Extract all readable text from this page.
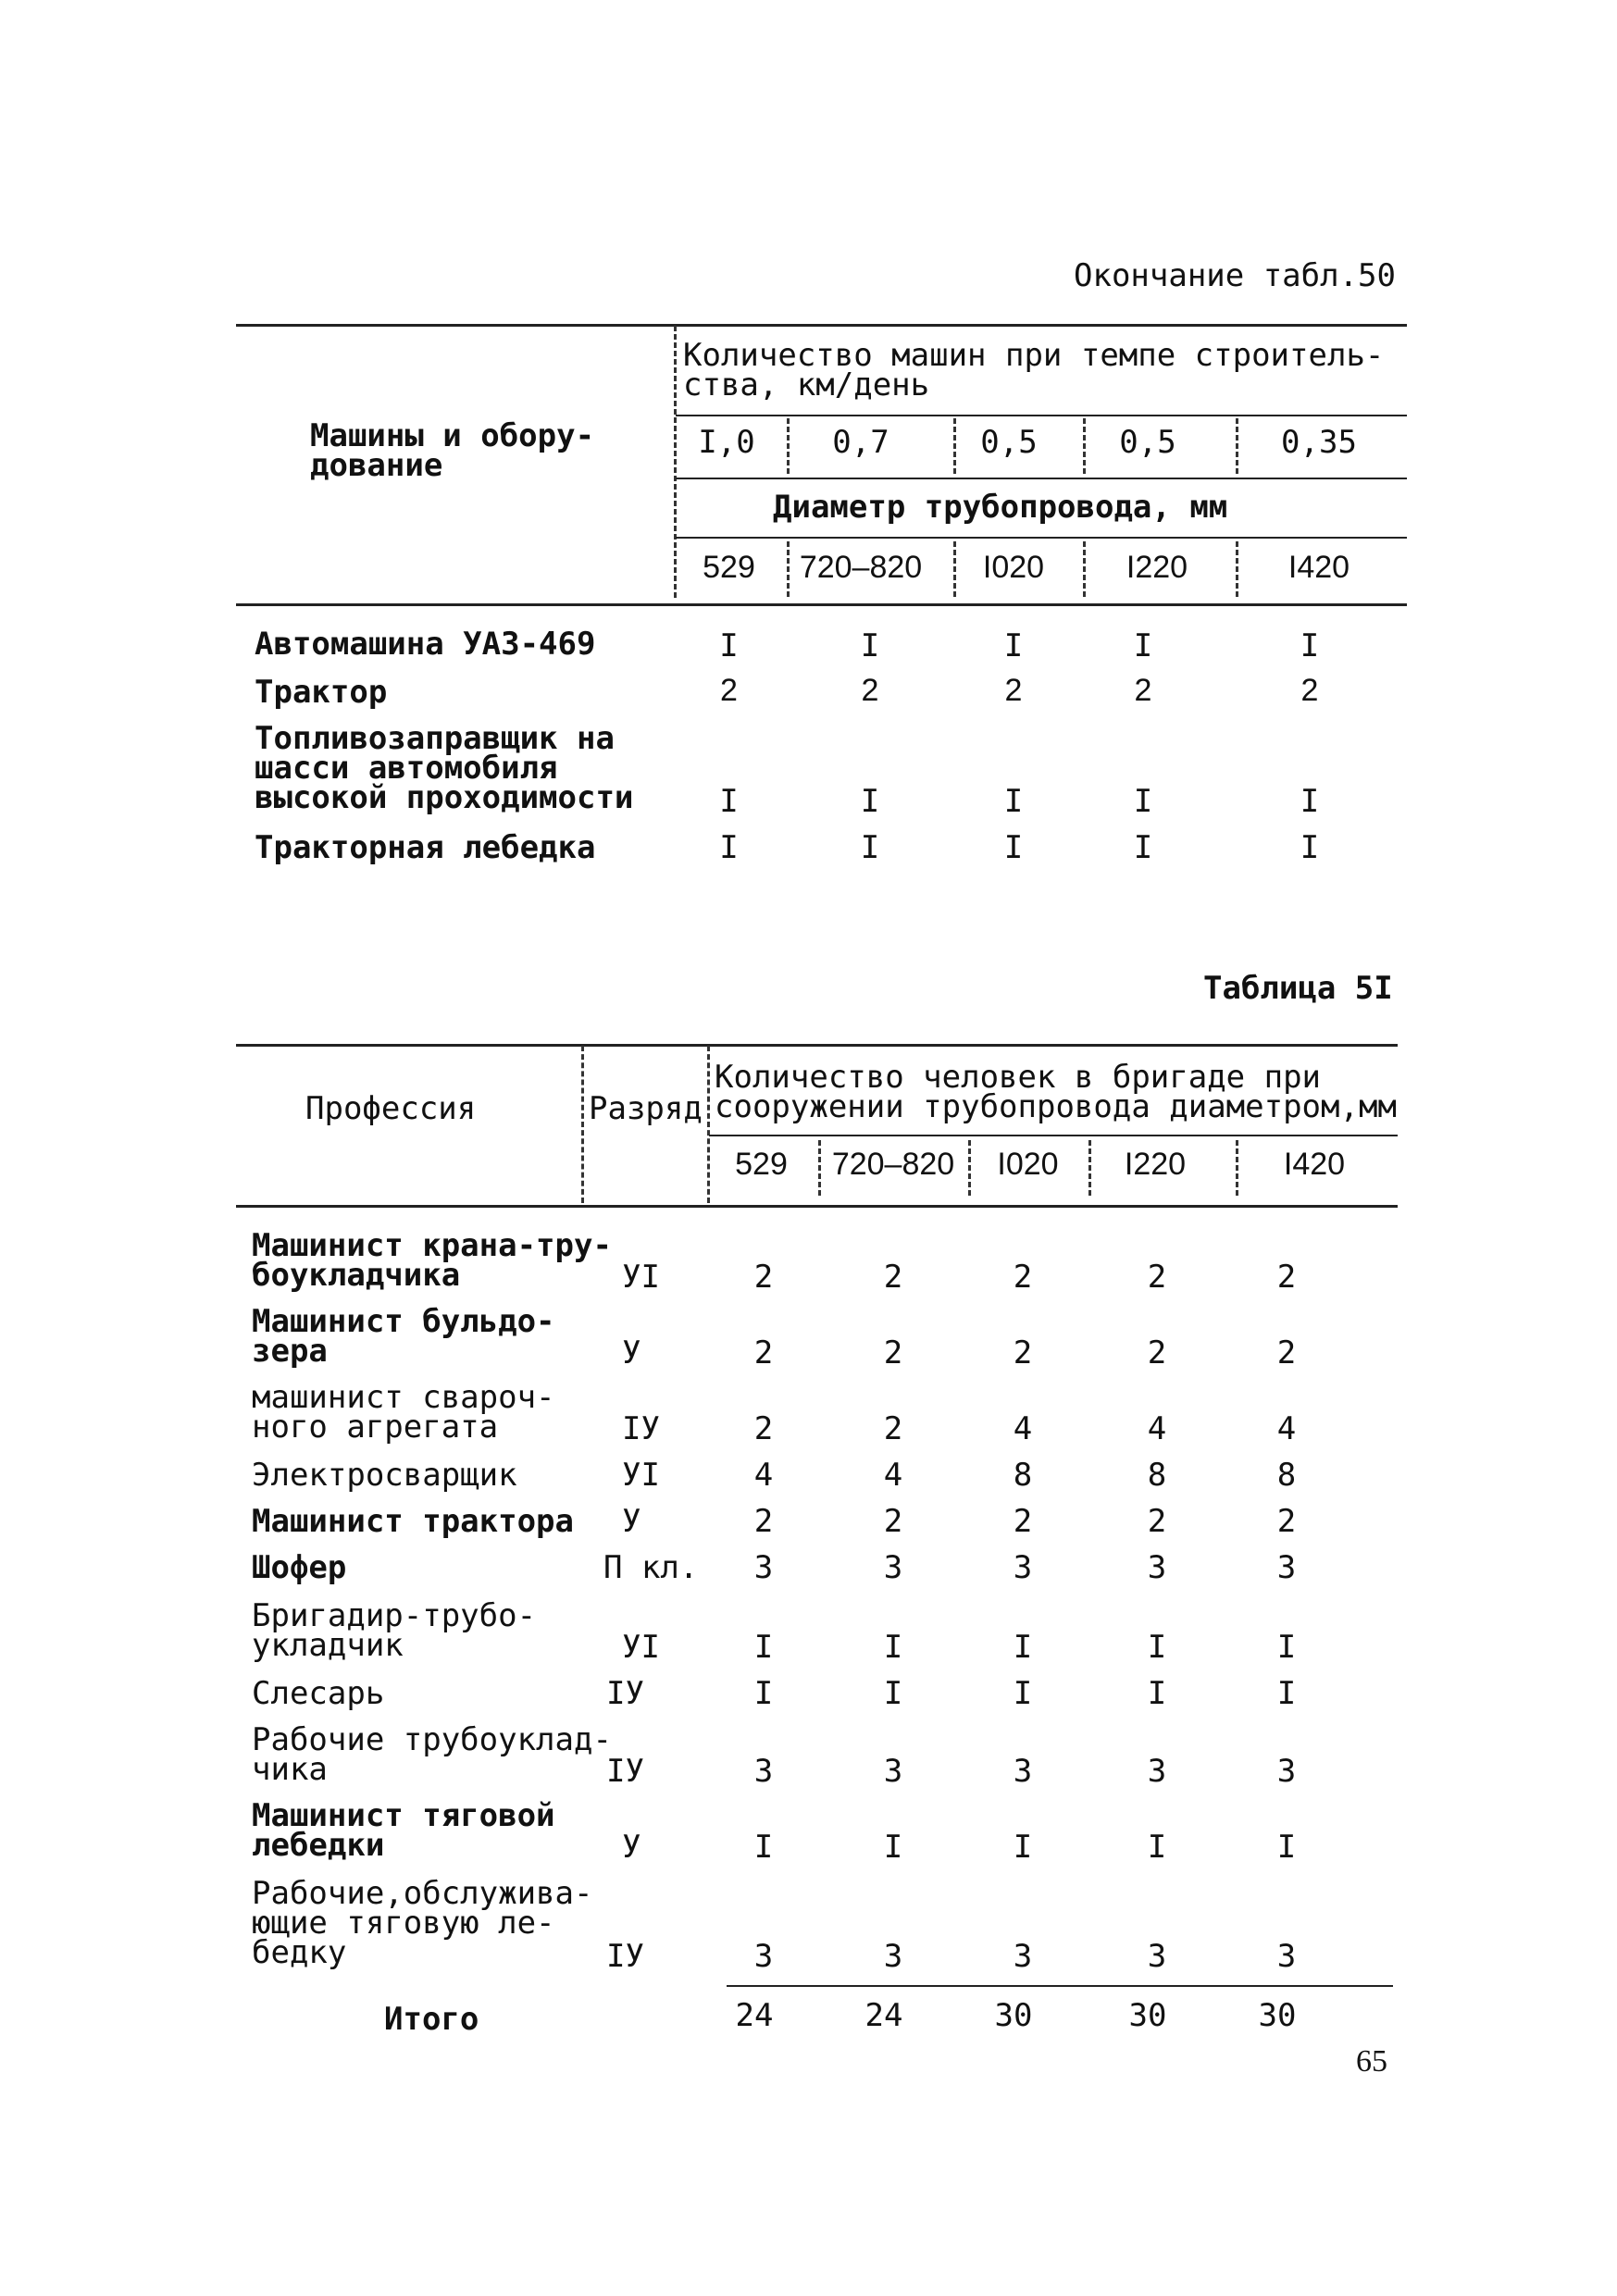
Окончание табл.50
Машины и обору-
дование
Количество машин при темпе строитель-
ства, км/день
I,0	0,7	0,5	0,5	0,35
Диаметр трубопровода, мм
529	720–820	I020	I220	I420
Автомашина УАЗ-469	I	I	I	I	I
Трактор	2	2	2	2	2
Топливозаправщик на
шасси автомобиля
высокой проходимости	I	I	I	I	I
Тракторная лебедка	I	I	I	I	I
Таблица 5I
Профессия	Разряд
Количество человек в бригаде при
сооружении трубопровода диаметром,мм
529	720–820	I020	I220	I420
Машинист крана-тру-
боукладчика	УI	2	2	2	2	2
Машинист бульдо-
зера	У	2	2	2	2	2
машинист свароч-
ного агрегата	IУ	2	2	4	4	4
Электросварщик	УI	4	4	8	8	8
Машинист трактора У	2	2	2	2	2
Шофер	П кл.	3	3	3	3	3
Бригадир-трубо-
укладчик	УI	I	I	I	I	I
Слесарь	IУ	I	I	I	I	I
Рабочие трубоуклад-
чика	IУ	3	3	3	3	3
Машинист тяговой
лебедки	У	I	I	I	I	I
Рабочие,обслужива-
ющие тяговую ле-
бедку	IУ	3	3	3	3	3
Итого	24	24	30	30	30
65
